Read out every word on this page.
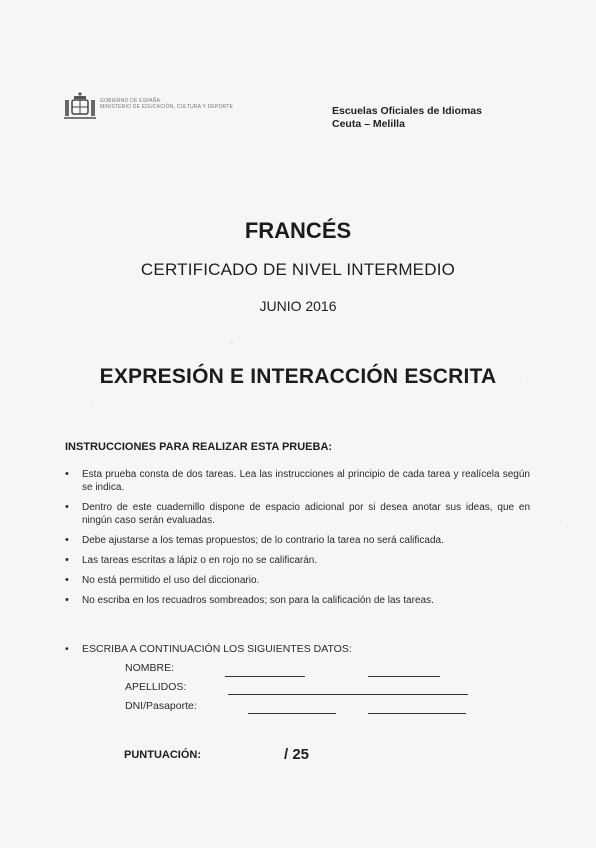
GOBIERNO DE ESPAÑA
MINISTERIO DE EDUCACIÓN, CULTURA Y DEPORTE	Escuelas Oficiales de Idiomas
Ceuta – Melilla
FRANCÉS
CERTIFICADO DE NIVEL INTERMEDIO
JUNIO 2016
EXPRESIÓN E INTERACCIÓN ESCRITA
INSTRUCCIONES PARA REALIZAR ESTA PRUEBA:
• Esta prueba consta de dos tareas. Lea las instrucciones al principio de cada tarea y realícela según se indica.
• Dentro de este cuadernillo dispone de espacio adicional por si desea anotar sus ideas, que en ningún caso serán evaluadas.
• Debe ajustarse a los temas propuestos; de lo contrario la tarea no será calificada.
• Las tareas escritas a lápiz o en rojo no se calificarán.
• No está permitido el uso del diccionario.
• No escriba en los recuadros sombreados; son para la calificación de las tareas.
• ESCRIBA A CONTINUACIÓN LOS SIGUIENTES DATOS:
NOMBRE:
APELLIDOS:
DNI/Pasaporte:
PUNTUACIÓN:	/ 25
